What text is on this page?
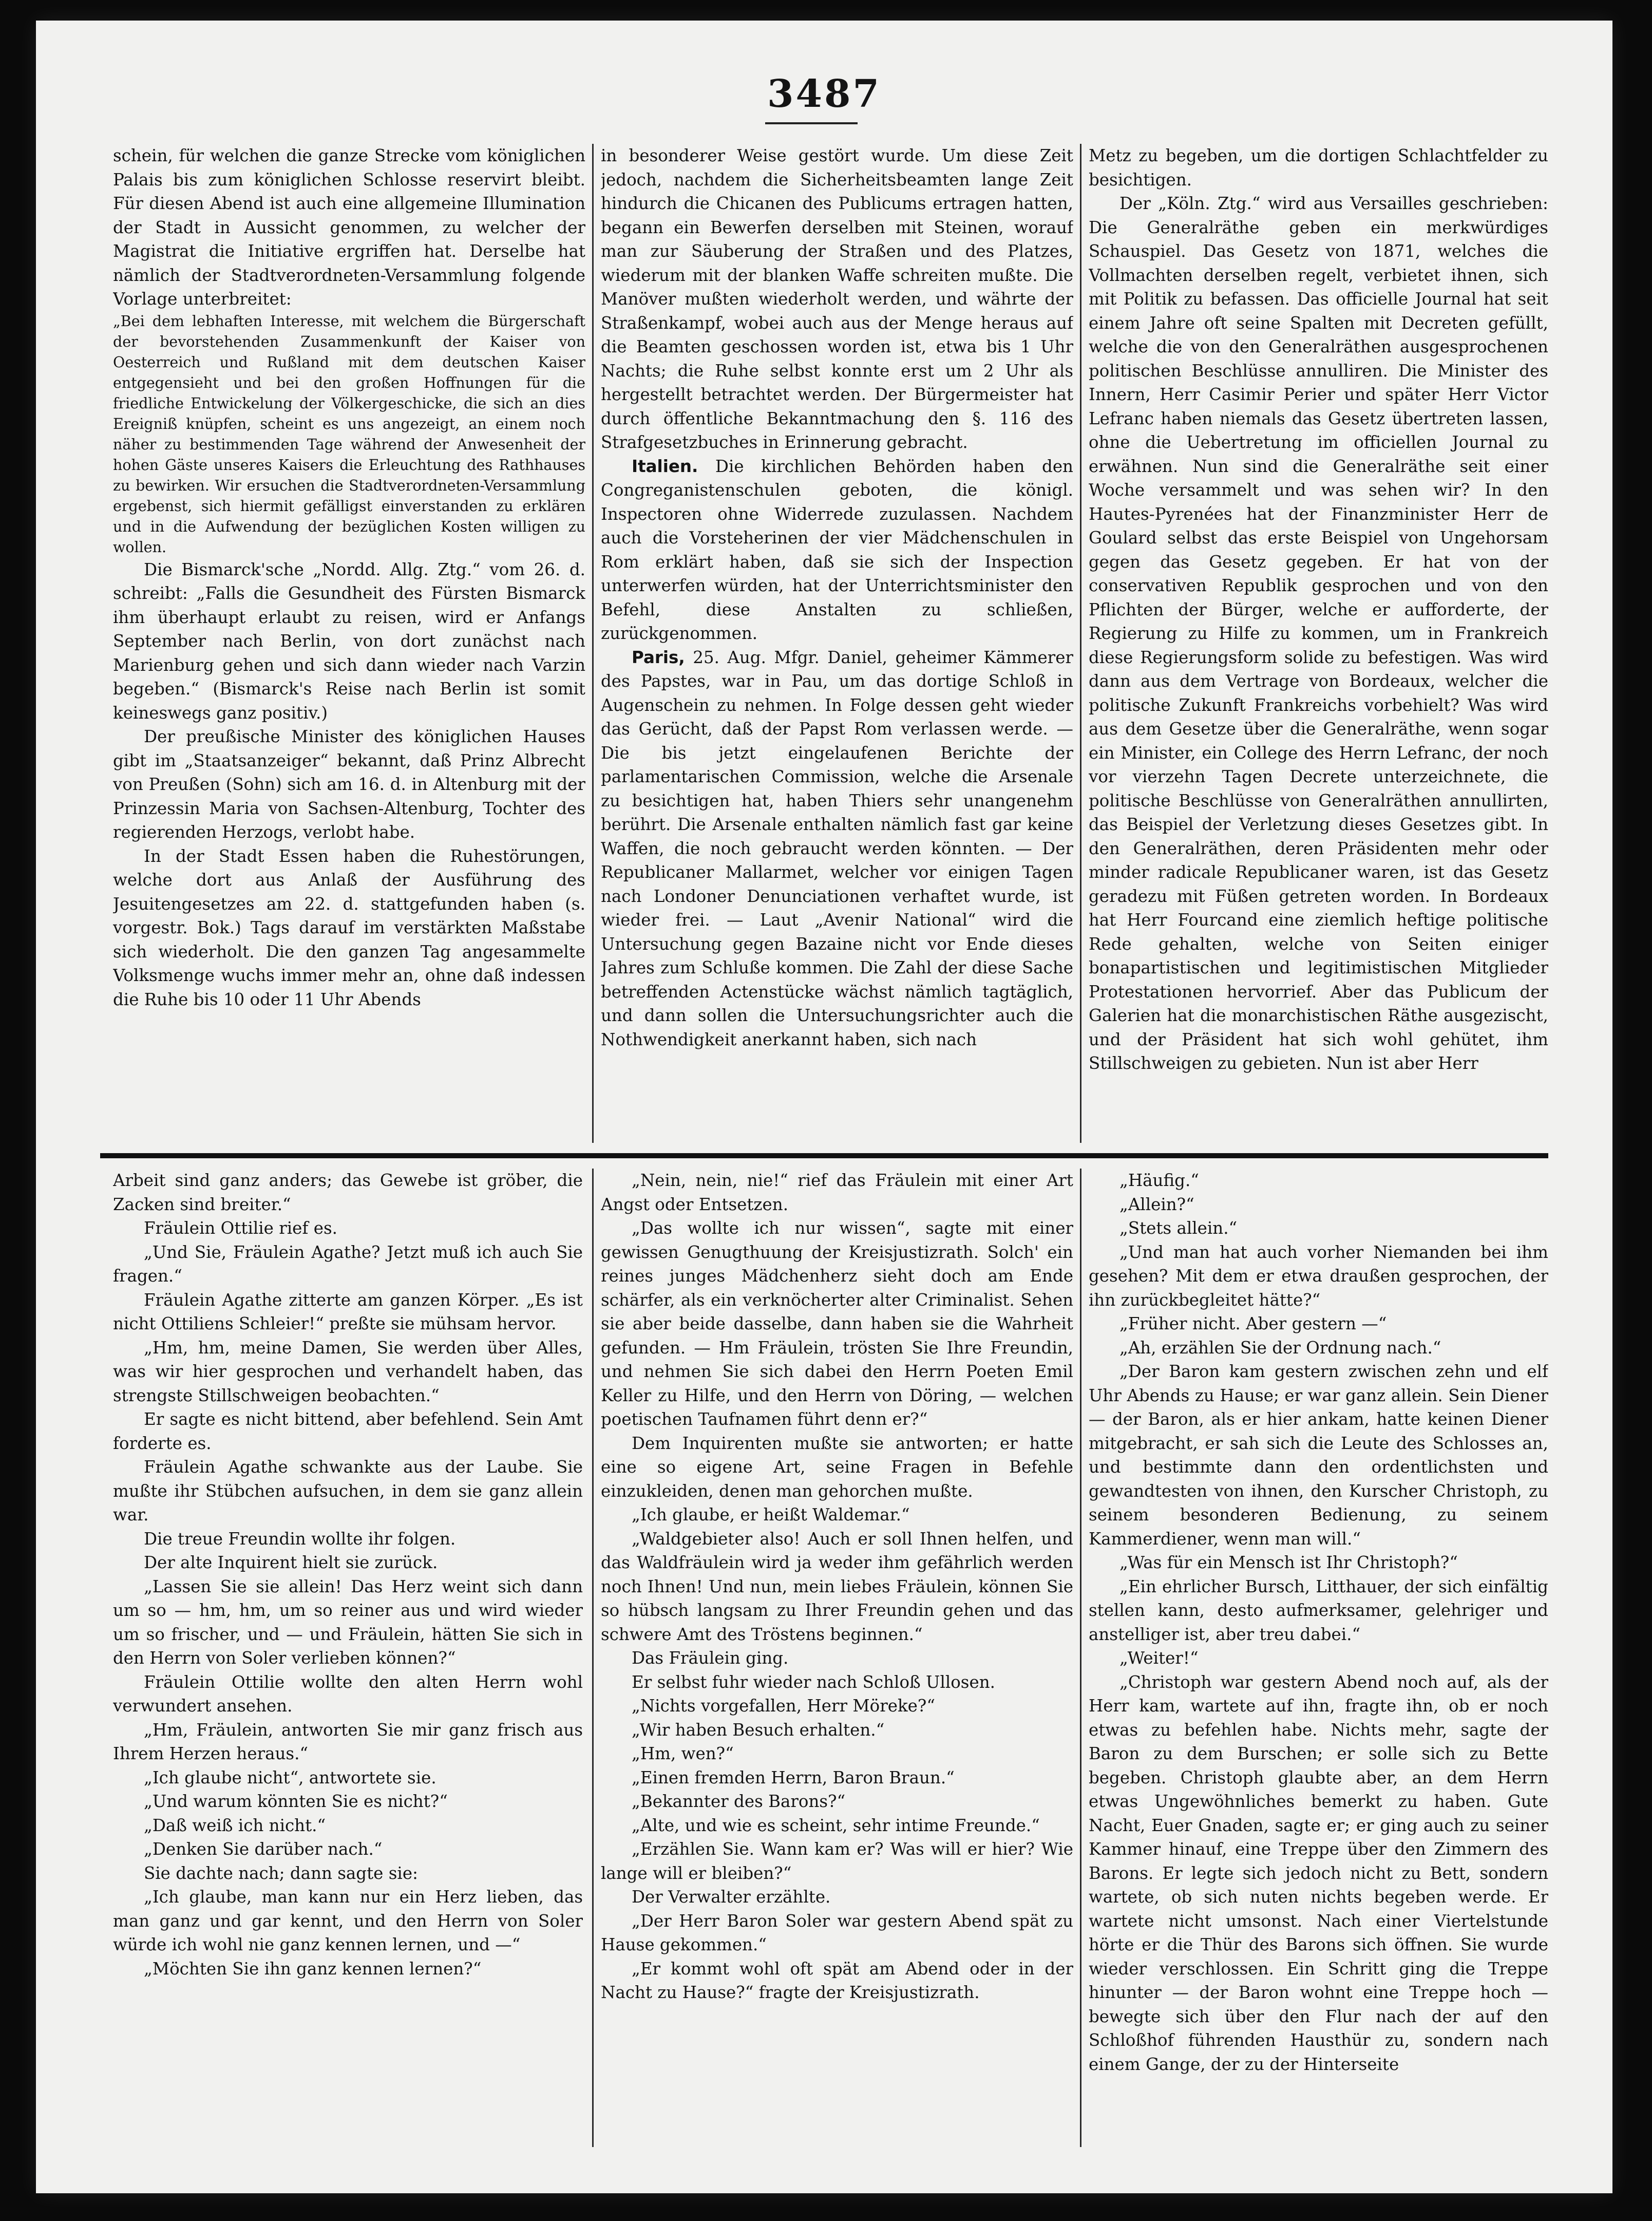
3487

schein, für welchen die ganze Strecke vom königlichen Palais bis zum königlichen Schlosse reservirt bleibt. Für diesen Abend ist auch eine allgemeine Illumination der Stadt in Aussicht genommen, zu welcher der Magistrat die Initiative ergriffen hat. Derselbe hat nämlich der Stadtverordneten-Versammlung folgende Vorlage unterbreitet:

„Bei dem lebhaften Interesse, mit welchem die Bürgerschaft der bevorstehenden Zusammenkunft der Kaiser von Oesterreich und Rußland mit dem deutschen Kaiser entgegensieht und bei den großen Hoffnungen für die friedliche Entwickelung der Völkergeschicke, die sich an dies Ereigniß knüpfen, scheint es uns angezeigt, an einem noch näher zu bestimmenden Tage während der Anwesenheit der hohen Gäste unseres Kaisers die Erleuchtung des Rathhauses zu bewirken. Wir ersuchen die Stadtverordneten-Versammlung ergebenst, sich hiermit gefälligst einverstanden zu erklären und in die Aufwendung der bezüglichen Kosten willigen zu wollen.

Die Bismarck'sche „Nordd. Allg. Ztg.“ vom 26. d. schreibt: „Falls die Gesundheit des Fürsten Bismarck ihm überhaupt erlaubt zu reisen, wird er Anfangs September nach Berlin, von dort zunächst nach Marienburg gehen und sich dann wieder nach Varzin begeben.“ (Bismarck's Reise nach Berlin ist somit keineswegs ganz positiv.)

Der preußische Minister des königlichen Hauses gibt im „Staatsanzeiger“ bekannt, daß Prinz Albrecht von Preußen (Sohn) sich am 16. d. in Altenburg mit der Prinzessin Maria von Sachsen-Altenburg, Tochter des regierenden Herzogs, verlobt habe.

In der Stadt Essen haben die Ruhestörungen, welche dort aus Anlaß der Ausführung des Jesuitengesetzes am 22. d. stattgefunden haben (s. vorgestr. Bok.) Tags darauf im verstärkten Maßstabe sich wiederholt. Die den ganzen Tag angesammelte Volksmenge wuchs immer mehr an, ohne daß indessen die Ruhe bis 10 oder 11 Uhr Abends

in besonderer Weise gestört wurde. Um diese Zeit jedoch, nachdem die Sicherheitsbeamten lange Zeit hindurch die Chicanen des Publicums ertragen hatten, begann ein Bewerfen derselben mit Steinen, worauf man zur Säuberung der Straßen und des Platzes, wiederum mit der blanken Waffe schreiten mußte. Die Manöver mußten wiederholt werden, und währte der Straßenkampf, wobei auch aus der Menge heraus auf die Beamten geschossen worden ist, etwa bis 1 Uhr Nachts; die Ruhe selbst konnte erst um 2 Uhr als hergestellt betrachtet werden. Der Bürgermeister hat durch öffentliche Bekanntmachung den §. 116 des Strafgesetzbuches in Erinnerung gebracht.

Italien. Die kirchlichen Behörden haben den Congreganistenschulen geboten, die königl. Inspectoren ohne Widerrede zuzulassen. Nachdem auch die Vorsteherinen der vier Mädchenschulen in Rom erklärt haben, daß sie sich der Inspection unterwerfen würden, hat der Unterrichtsminister den Befehl, diese Anstalten zu schließen, zurückgenommen.

Paris, 25. Aug. Mfgr. Daniel, geheimer Kämmerer des Papstes, war in Pau, um das dortige Schloß in Augenschein zu nehmen. In Folge dessen geht wieder das Gerücht, daß der Papst Rom verlassen werde. — Die bis jetzt eingelaufenen Berichte der parlamentarischen Commission, welche die Arsenale zu besichtigen hat, haben Thiers sehr unangenehm berührt. Die Arsenale enthalten nämlich fast gar keine Waffen, die noch gebraucht werden könnten. — Der Republicaner Mallarmet, welcher vor einigen Tagen nach Londoner Denunciationen verhaftet wurde, ist wieder frei. — Laut „Avenir National“ wird die Untersuchung gegen Bazaine nicht vor Ende dieses Jahres zum Schluße kommen. Die Zahl der diese Sache betreffenden Actenstücke wächst nämlich tagtäglich, und dann sollen die Untersuchungsrichter auch die Nothwendigkeit anerkannt haben, sich nach

Metz zu begeben, um die dortigen Schlachtfelder zu besichtigen.

Der „Köln. Ztg.“ wird aus Versailles geschrieben: Die Generalräthe geben ein merkwürdiges Schauspiel. Das Gesetz von 1871, welches die Vollmachten derselben regelt, verbietet ihnen, sich mit Politik zu befassen. Das officielle Journal hat seit einem Jahre oft seine Spalten mit Decreten gefüllt, welche die von den Generalräthen ausgesprochenen politischen Beschlüsse annulliren. Die Minister des Innern, Herr Casimir Perier und später Herr Victor Lefranc haben niemals das Gesetz übertreten lassen, ohne die Uebertretung im officiellen Journal zu erwähnen. Nun sind die Generalräthe seit einer Woche versammelt und was sehen wir? In den Hautes-Pyrenées hat der Finanzminister Herr de Goulard selbst das erste Beispiel von Ungehorsam gegen das Gesetz gegeben. Er hat von der conservativen Republik gesprochen und von den Pflichten der Bürger, welche er aufforderte, der Regierung zu Hilfe zu kommen, um in Frankreich diese Regierungsform solide zu befestigen. Was wird dann aus dem Vertrage von Bordeaux, welcher die politische Zukunft Frankreichs vorbehielt? Was wird aus dem Gesetze über die Generalräthe, wenn sogar ein Minister, ein College des Herrn Lefranc, der noch vor vierzehn Tagen Decrete unterzeichnete, die politische Beschlüsse von Generalräthen annullirten, das Beispiel der Verletzung dieses Gesetzes gibt. In den Generalräthen, deren Präsidenten mehr oder minder radicale Republicaner waren, ist das Gesetz geradezu mit Füßen getreten worden. In Bordeaux hat Herr Fourcand eine ziemlich heftige politische Rede gehalten, welche von Seiten einiger bonapartistischen und legitimistischen Mitglieder Protestationen hervorrief. Aber das Publicum der Galerien hat die monarchistischen Räthe ausgezischt, und der Präsident hat sich wohl gehütet, ihm Stillschweigen zu gebieten. Nun ist aber Herr

Arbeit sind ganz anders; das Gewebe ist gröber, die Zacken sind breiter.“

Fräulein Ottilie rief es.

„Und Sie, Fräulein Agathe? Jetzt muß ich auch Sie fragen.“

Fräulein Agathe zitterte am ganzen Körper. „Es ist nicht Ottiliens Schleier!“ preßte sie mühsam hervor.

„Hm, hm, meine Damen, Sie werden über Alles, was wir hier gesprochen und verhandelt haben, das strengste Stillschweigen beobachten.“

Er sagte es nicht bittend, aber befehlend. Sein Amt forderte es.

Fräulein Agathe schwankte aus der Laube. Sie mußte ihr Stübchen aufsuchen, in dem sie ganz allein war.

Die treue Freundin wollte ihr folgen.

Der alte Inquirent hielt sie zurück.

„Lassen Sie sie allein! Das Herz weint sich dann um so — hm, hm, um so reiner aus und wird wieder um so frischer, und — und Fräulein, hätten Sie sich in den Herrn von Soler verlieben können?“

Fräulein Ottilie wollte den alten Herrn wohl verwundert ansehen.

„Hm, Fräulein, antworten Sie mir ganz frisch aus Ihrem Herzen heraus.“

„Ich glaube nicht“, antwortete sie.

„Und warum könnten Sie es nicht?“

„Daß weiß ich nicht.“

„Denken Sie darüber nach.“

Sie dachte nach; dann sagte sie:

„Ich glaube, man kann nur ein Herz lieben, das man ganz und gar kennt, und den Herrn von Soler würde ich wohl nie ganz kennen lernen, und —“

„Möchten Sie ihn ganz kennen lernen?“

„Nein, nein, nie!“ rief das Fräulein mit einer Art Angst oder Entsetzen.

„Das wollte ich nur wissen“, sagte mit einer gewissen Genugthuung der Kreisjustizrath. Solch' ein reines junges Mädchenherz sieht doch am Ende schärfer, als ein verknöcherter alter Criminalist. Sehen sie aber beide dasselbe, dann haben sie die Wahrheit gefunden. — Hm Fräulein, trösten Sie Ihre Freundin, und nehmen Sie sich dabei den Herrn Poeten Emil Keller zu Hilfe, und den Herrn von Döring, — welchen poetischen Taufnamen führt denn er?“

Dem Inquirenten mußte sie antworten; er hatte eine so eigene Art, seine Fragen in Befehle einzukleiden, denen man gehorchen mußte.

„Ich glaube, er heißt Waldemar.“

„Waldgebieter also! Auch er soll Ihnen helfen, und das Waldfräulein wird ja weder ihm gefährlich werden noch Ihnen! Und nun, mein liebes Fräulein, können Sie so hübsch langsam zu Ihrer Freundin gehen und das schwere Amt des Tröstens beginnen.“

Das Fräulein ging.

Er selbst fuhr wieder nach Schloß Ullosen.

„Nichts vorgefallen, Herr Möreke?“

„Wir haben Besuch erhalten.“

„Hm, wen?“

„Einen fremden Herrn, Baron Braun.“

„Bekannter des Barons?“

„Alte, und wie es scheint, sehr intime Freunde.“

„Erzählen Sie. Wann kam er? Was will er hier? Wie lange will er bleiben?“

Der Verwalter erzählte.

„Der Herr Baron Soler war gestern Abend spät zu Hause gekommen.“

„Er kommt wohl oft spät am Abend oder in der Nacht zu Hause?“ fragte der Kreisjustizrath.

„Häufig.“

„Allein?“

„Stets allein.“

„Und man hat auch vorher Niemanden bei ihm gesehen? Mit dem er etwa draußen gesprochen, der ihn zurückbegleitet hätte?“

„Früher nicht. Aber gestern —“

„Ah, erzählen Sie der Ordnung nach.“

„Der Baron kam gestern zwischen zehn und elf Uhr Abends zu Hause; er war ganz allein. Sein Diener — der Baron, als er hier ankam, hatte keinen Diener mitgebracht, er sah sich die Leute des Schlosses an, und bestimmte dann den ordentlichsten und gewandtesten von ihnen, den Kurscher Christoph, zu seinem besonderen Bedienung, zu seinem Kammerdiener, wenn man will.“

„Was für ein Mensch ist Ihr Christoph?“

„Ein ehrlicher Bursch, Litthauer, der sich einfältig stellen kann, desto aufmerksamer, gelehriger und anstelliger ist, aber treu dabei.“

„Weiter!“

„Christoph war gestern Abend noch auf, als der Herr kam, wartete auf ihn, fragte ihn, ob er noch etwas zu befehlen habe. Nichts mehr, sagte der Baron zu dem Burschen; er solle sich zu Bette begeben. Christoph glaubte aber, an dem Herrn etwas Ungewöhnliches bemerkt zu haben. Gute Nacht, Euer Gnaden, sagte er; er ging auch zu seiner Kammer hinauf, eine Treppe über den Zimmern des Barons. Er legte sich jedoch nicht zu Bett, sondern wartete, ob sich nuten nichts begeben werde. Er wartete nicht umsonst. Nach einer Viertelstunde hörte er die Thür des Barons sich öffnen. Sie wurde wieder verschlossen. Ein Schritt ging die Treppe hinunter — der Baron wohnt eine Treppe hoch — bewegte sich über den Flur nach der auf den Schloßhof führenden Hausthür zu, sondern nach einem Gange, der zu der Hinterseite
